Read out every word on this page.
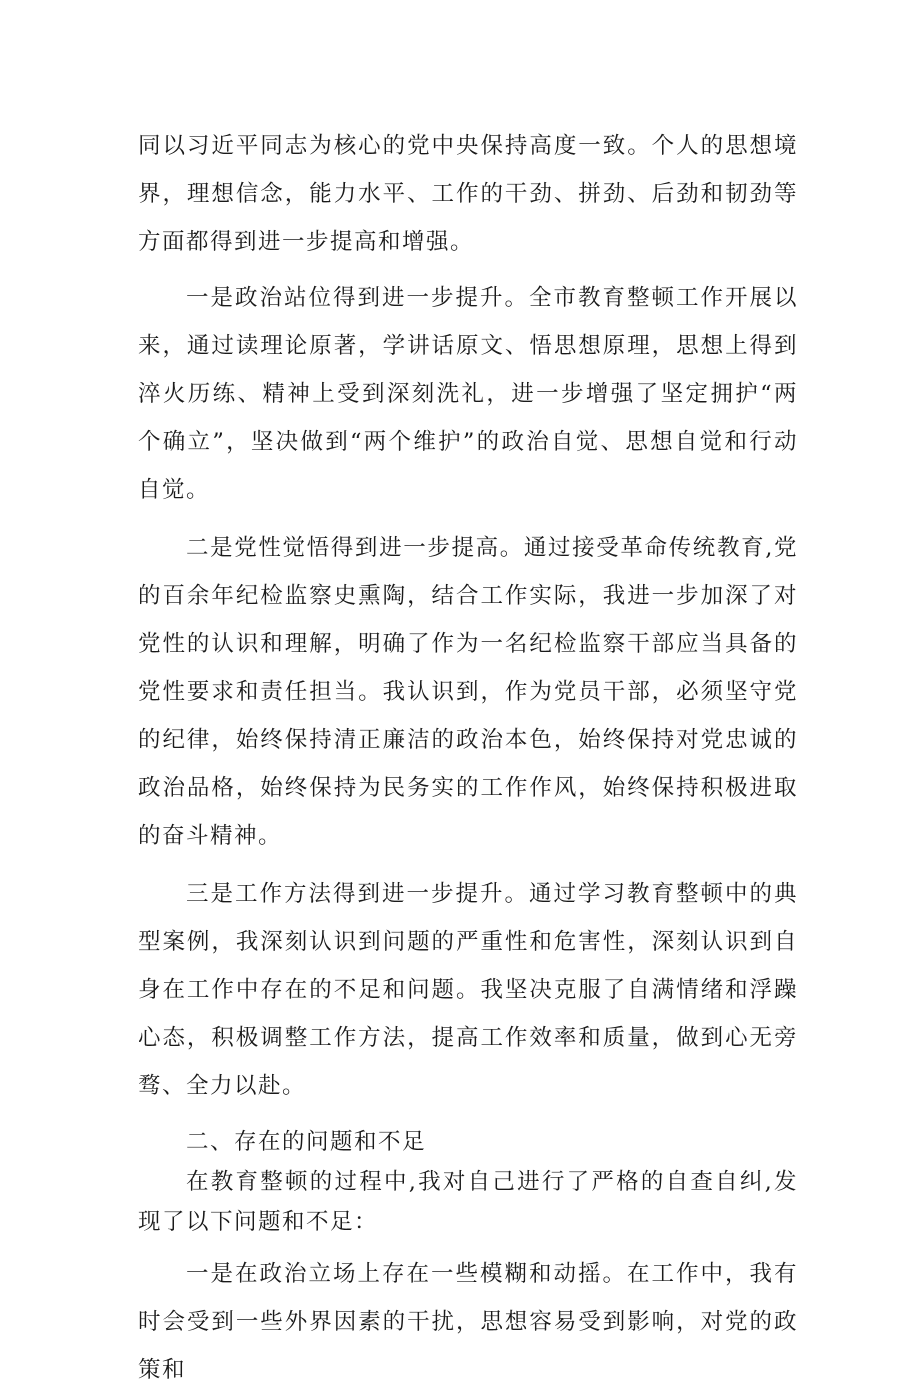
同以习近平同志为核心的党中央保持高度一致。个人的思想境界，理想信念，能力水平、工作的干劲、拼劲、后劲和韧劲等方面都得到进一步提高和增强。

一是政治站位得到进一步提升。全市教育整顿工作开展以来，通过读理论原著，学讲话原文、悟思想原理，思想上得到淬火历练、精神上受到深刻洗礼，进一步增强了坚定拥护“两个确立”，坚决做到“两个维护”的政治自觉、思想自觉和行动自觉。

二是党性觉悟得到进一步提高。通过接受革命传统教育,党的百余年纪检监察史熏陶，结合工作实际，我进一步加深了对党性的认识和理解，明确了作为一名纪检监察干部应当具备的党性要求和责任担当。我认识到，作为党员干部，必须坚守党的纪律，始终保持清正廉洁的政治本色，始终保持对党忠诚的政治品格，始终保持为民务实的工作作风，始终保持积极进取的奋斗精神。

三是工作方法得到进一步提升。通过学习教育整顿中的典型案例，我深刻认识到问题的严重性和危害性，深刻认识到自身在工作中存在的不足和问题。我坚决克服了自满情绪和浮躁心态，积极调整工作方法，提高工作效率和质量，做到心无旁骛、全力以赴。

二、存在的问题和不足

在教育整顿的过程中,我对自己进行了严格的自查自纠,发现了以下问题和不足：

一是在政治立场上存在一些模糊和动摇。在工作中，我有时会受到一些外界因素的干扰，思想容易受到影响，对党的政策和
